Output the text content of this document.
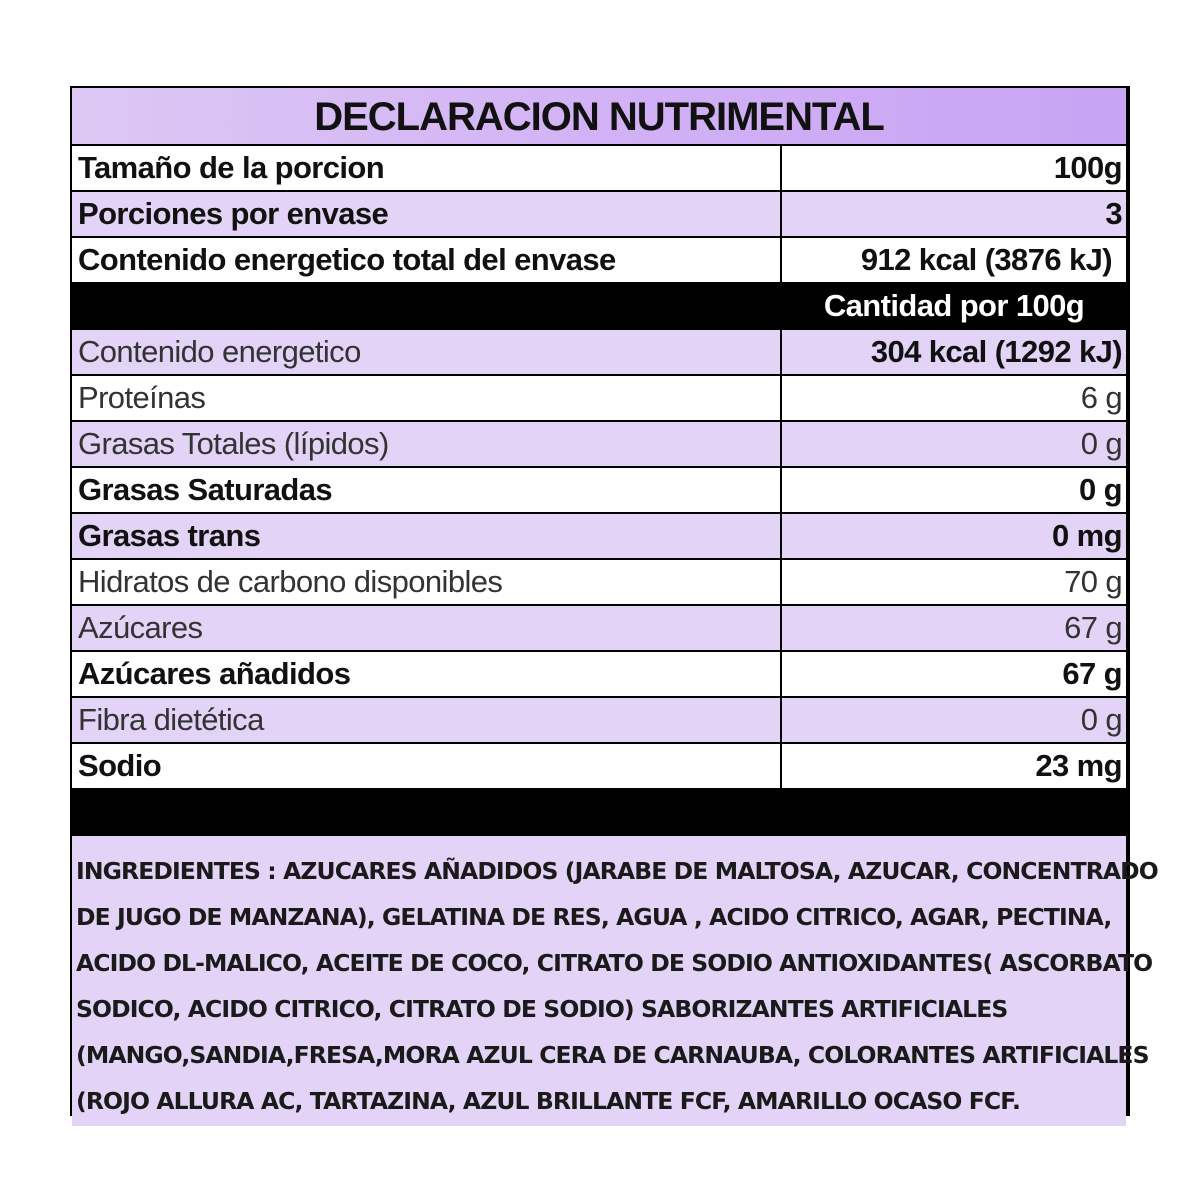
DECLARACION NUTRIMENTAL
Tamaño de la porcion	100g
Porciones por envase	3
Contenido energetico total del envase	912 kcal (3876 kJ)
Cantidad por 100g
Contenido energetico	304 kcal (1292 kJ)
Proteínas	6 g
Grasas Totales (lípidos)	0 g
Grasas Saturadas	0 g
Grasas trans	0 mg
Hidratos de carbono disponibles	70 g
Azúcares	67 g
Azúcares añadidos	67 g
Fibra dietética	0 g
Sodio	23 mg
INGREDIENTES : AZUCARES AÑADIDOS (JARABE DE MALTOSA, AZUCAR, CONCENTRADO
DE JUGO DE MANZANA), GELATINA DE RES, AGUA , ACIDO CITRICO, AGAR, PECTINA,
ACIDO DL-MALICO, ACEITE DE COCO, CITRATO DE SODIO ANTIOXIDANTES( ASCORBATO
SODICO, ACIDO CITRICO, CITRATO DE SODIO) SABORIZANTES ARTIFICIALES
(MANGO,SANDIA,FRESA,MORA AZUL CERA DE CARNAUBA, COLORANTES ARTIFICIALES
(ROJO ALLURA AC, TARTAZINA, AZUL BRILLANTE FCF, AMARILLO OCASO FCF.
